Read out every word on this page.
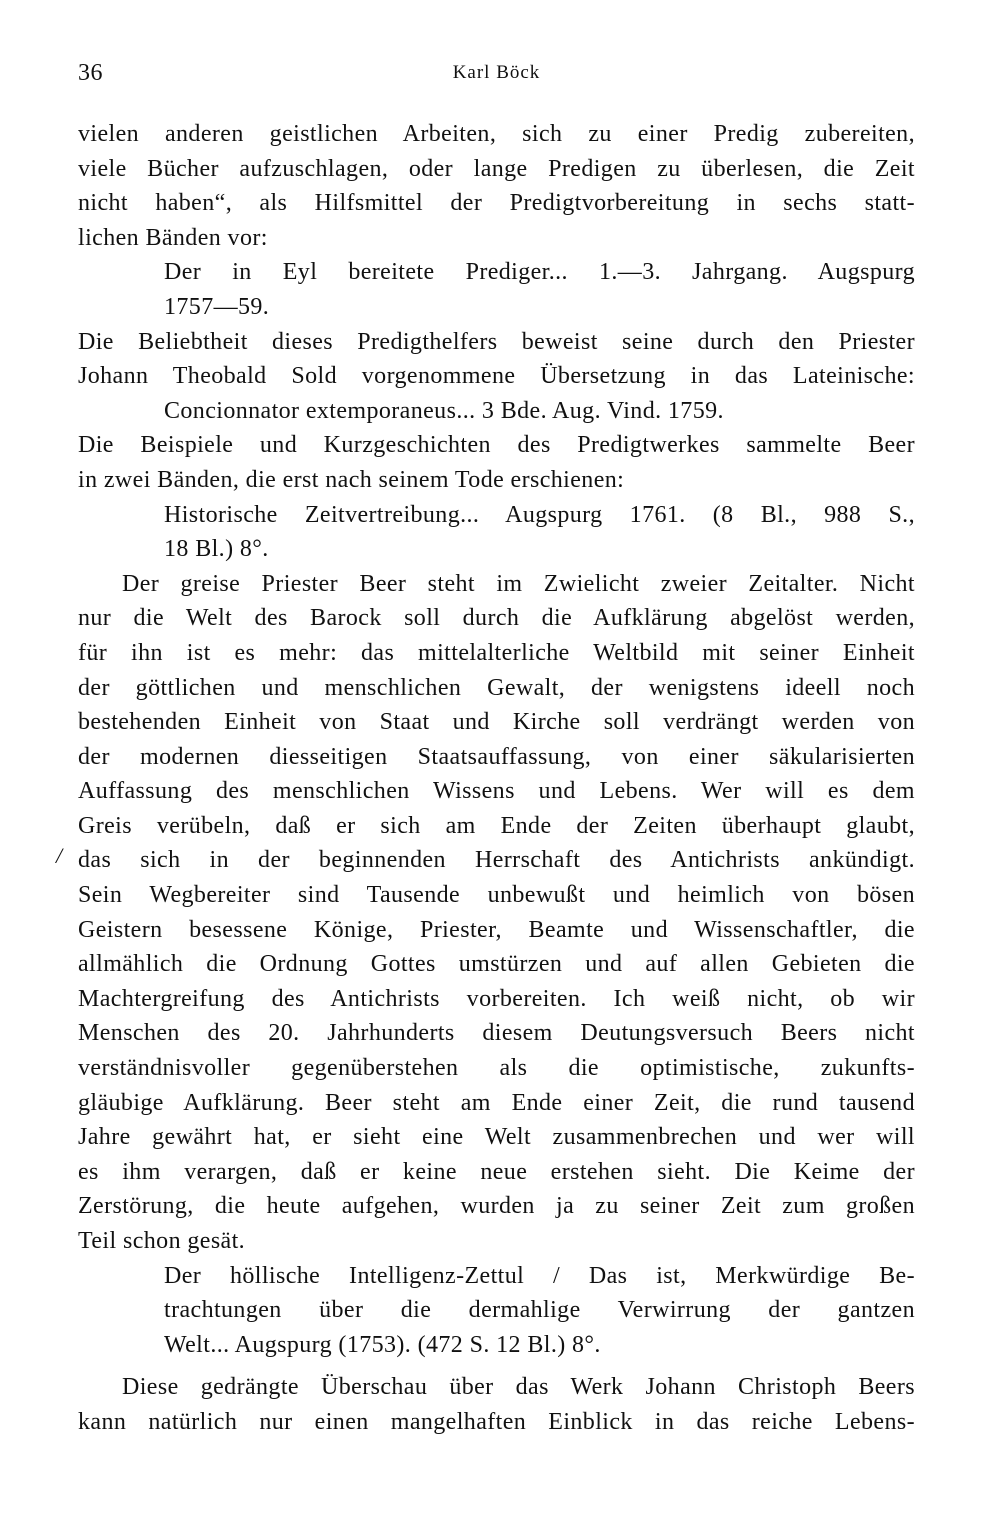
36	Karl Böck
/
vielen anderen geistlichen Arbeiten, sich zu einer Predig zubereiten,
viele Bücher aufzuschlagen, oder lange Predigen zu überlesen, die Zeit
nicht haben“, als Hilfsmittel der Predigtvorbereitung in sechs statt-
lichen Bänden vor:
Der in Eyl bereitete Prediger... 1.—3. Jahrgang. Augspurg
1757—59.
Die Beliebtheit dieses Predigthelfers beweist seine durch den Priester
Johann Theobald Sold vorgenommene Übersetzung in das Lateinische:
Concionnator extemporaneus... 3 Bde. Aug. Vind. 1759.
Die Beispiele und Kurzgeschichten des Predigtwerkes sammelte Beer
in zwei Bänden, die erst nach seinem Tode erschienen:
Historische Zeitvertreibung... Augspurg 1761. (8 Bl., 988 S.,
18 Bl.) 8°.
Der greise Priester Beer steht im Zwielicht zweier Zeitalter. Nicht
nur die Welt des Barock soll durch die Aufklärung abgelöst werden,
für ihn ist es mehr: das mittelalterliche Weltbild mit seiner Einheit
der göttlichen und menschlichen Gewalt, der wenigstens ideell noch
bestehenden Einheit von Staat und Kirche soll verdrängt werden von
der modernen diesseitigen Staatsauffassung, von einer säkularisierten
Auffassung des menschlichen Wissens und Lebens. Wer will es dem
Greis verübeln, daß er sich am Ende der Zeiten überhaupt glaubt,
das sich in der beginnenden Herrschaft des Antichrists ankündigt.
Sein Wegbereiter sind Tausende unbewußt und heimlich von bösen
Geistern besessene Könige, Priester, Beamte und Wissenschaftler, die
allmählich die Ordnung Gottes umstürzen und auf allen Gebieten die
Machtergreifung des Antichrists vorbereiten. Ich weiß nicht, ob wir
Menschen des 20. Jahrhunderts diesem Deutungsversuch Beers nicht
verständnisvoller gegenüberstehen als die optimistische, zukunfts-
gläubige Aufklärung. Beer steht am Ende einer Zeit, die rund tausend
Jahre gewährt hat, er sieht eine Welt zusammenbrechen und wer will
es ihm verargen, daß er keine neue erstehen sieht. Die Keime der
Zerstörung, die heute aufgehen, wurden ja zu seiner Zeit zum großen
Teil schon gesät.
Der höllische Intelligenz-Zettul / Das ist, Merkwürdige Be-
trachtungen über die dermahlige Verwirrung der gantzen
Welt... Augspurg (1753). (472 S. 12 Bl.) 8°.
Diese gedrängte Überschau über das Werk Johann Christoph Beers
kann natürlich nur einen mangelhaften Einblick in das reiche Lebens-
